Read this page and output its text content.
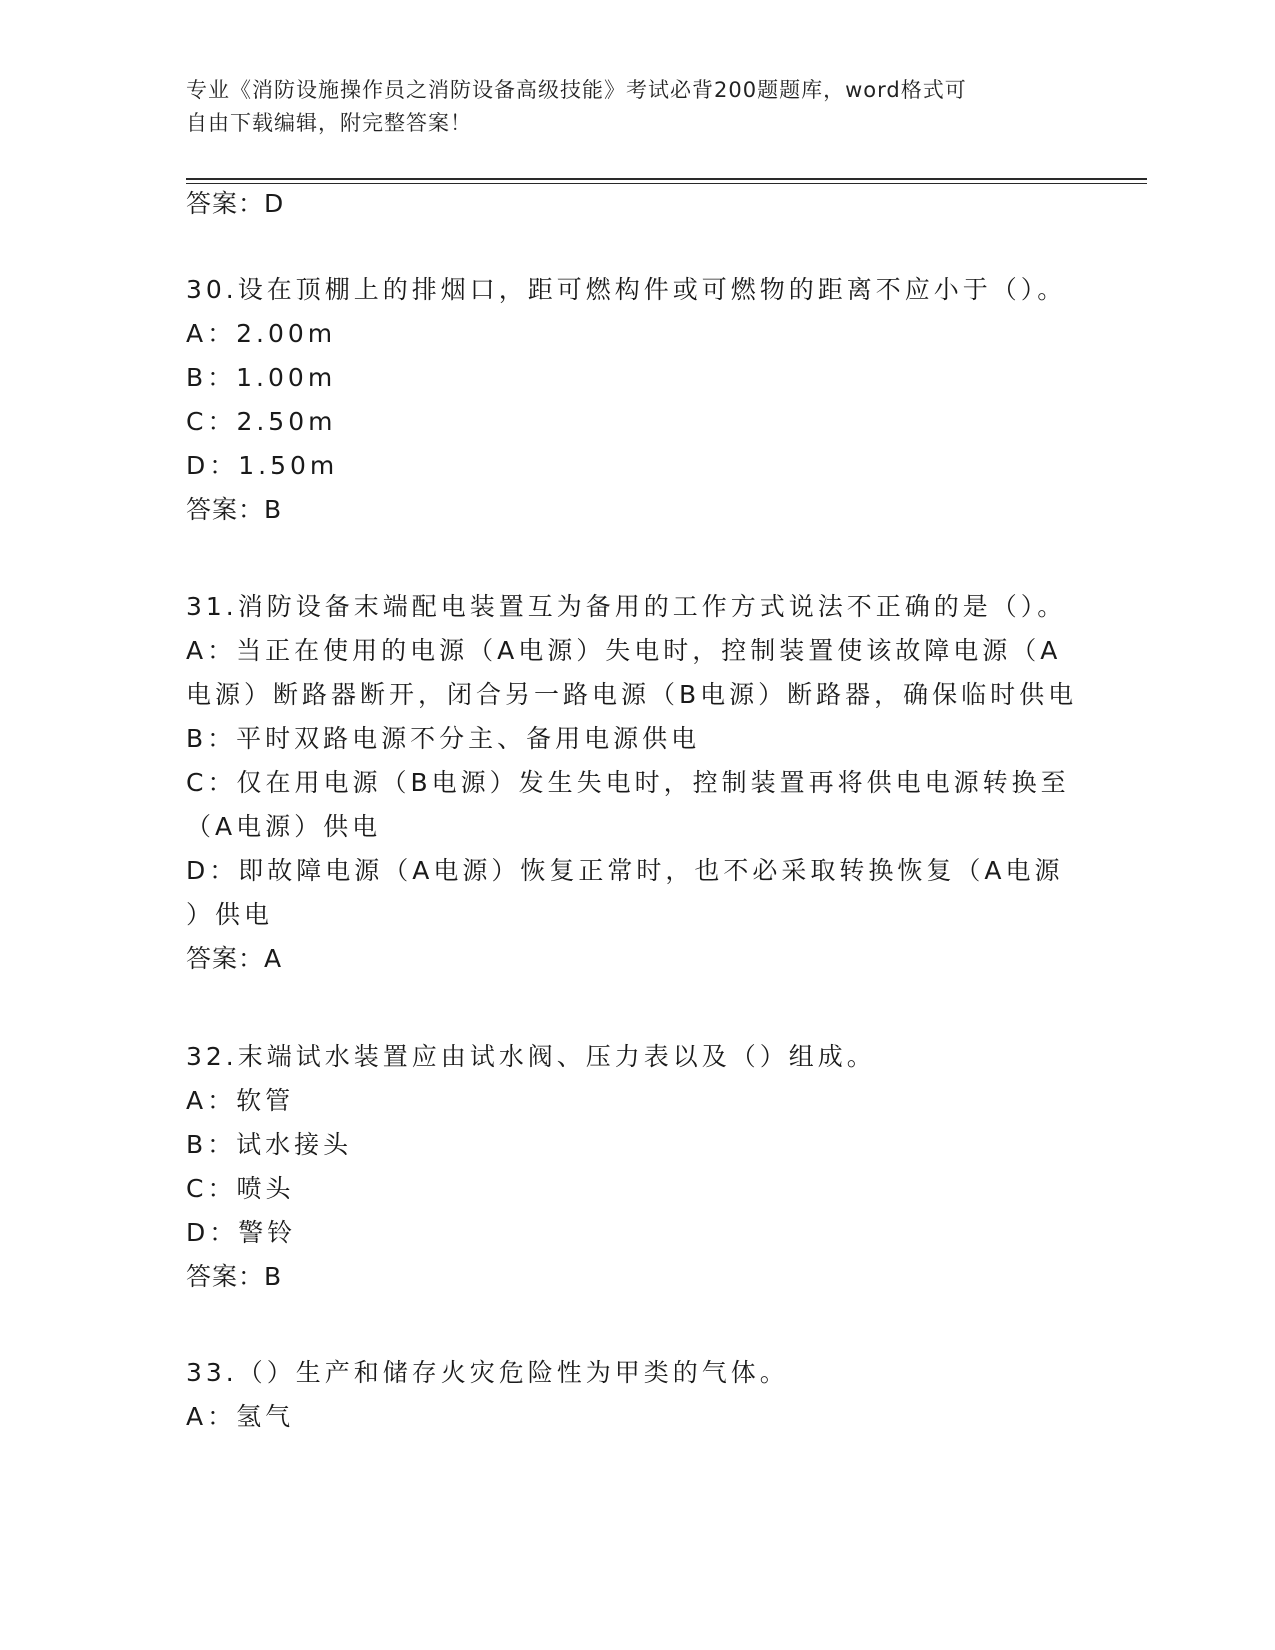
专业《消防设施操作员之消防设备高级技能》考试必背200题题库，word格式可
自由下载编辑，附完整答案！
答案：D
30.设在顶棚上的排烟口，距可燃构件或可燃物的距离不应小于（）。
A：2.00m
B：1.00m
C：2.50m
D：1.50m
答案：B
31.消防设备末端配电装置互为备用的工作方式说法不正确的是（）。
A：当正在使用的电源（A电源）失电时，控制装置使该故障电源（A
电源）断路器断开，闭合另一路电源（B电源）断路器，确保临时供电
B：平时双路电源不分主、备用电源供电
C：仅在用电源（B电源）发生失电时，控制装置再将供电电源转换至
（A电源）供电
D：即故障电源（A电源）恢复正常时，也不必采取转换恢复（A电源
）供电
答案：A
32.末端试水装置应由试水阀、压力表以及（）组成。
A：软管
B：试水接头
C：喷头
D：警铃
答案：B
33.（）生产和储存火灾危险性为甲类的气体。
A：氢气
